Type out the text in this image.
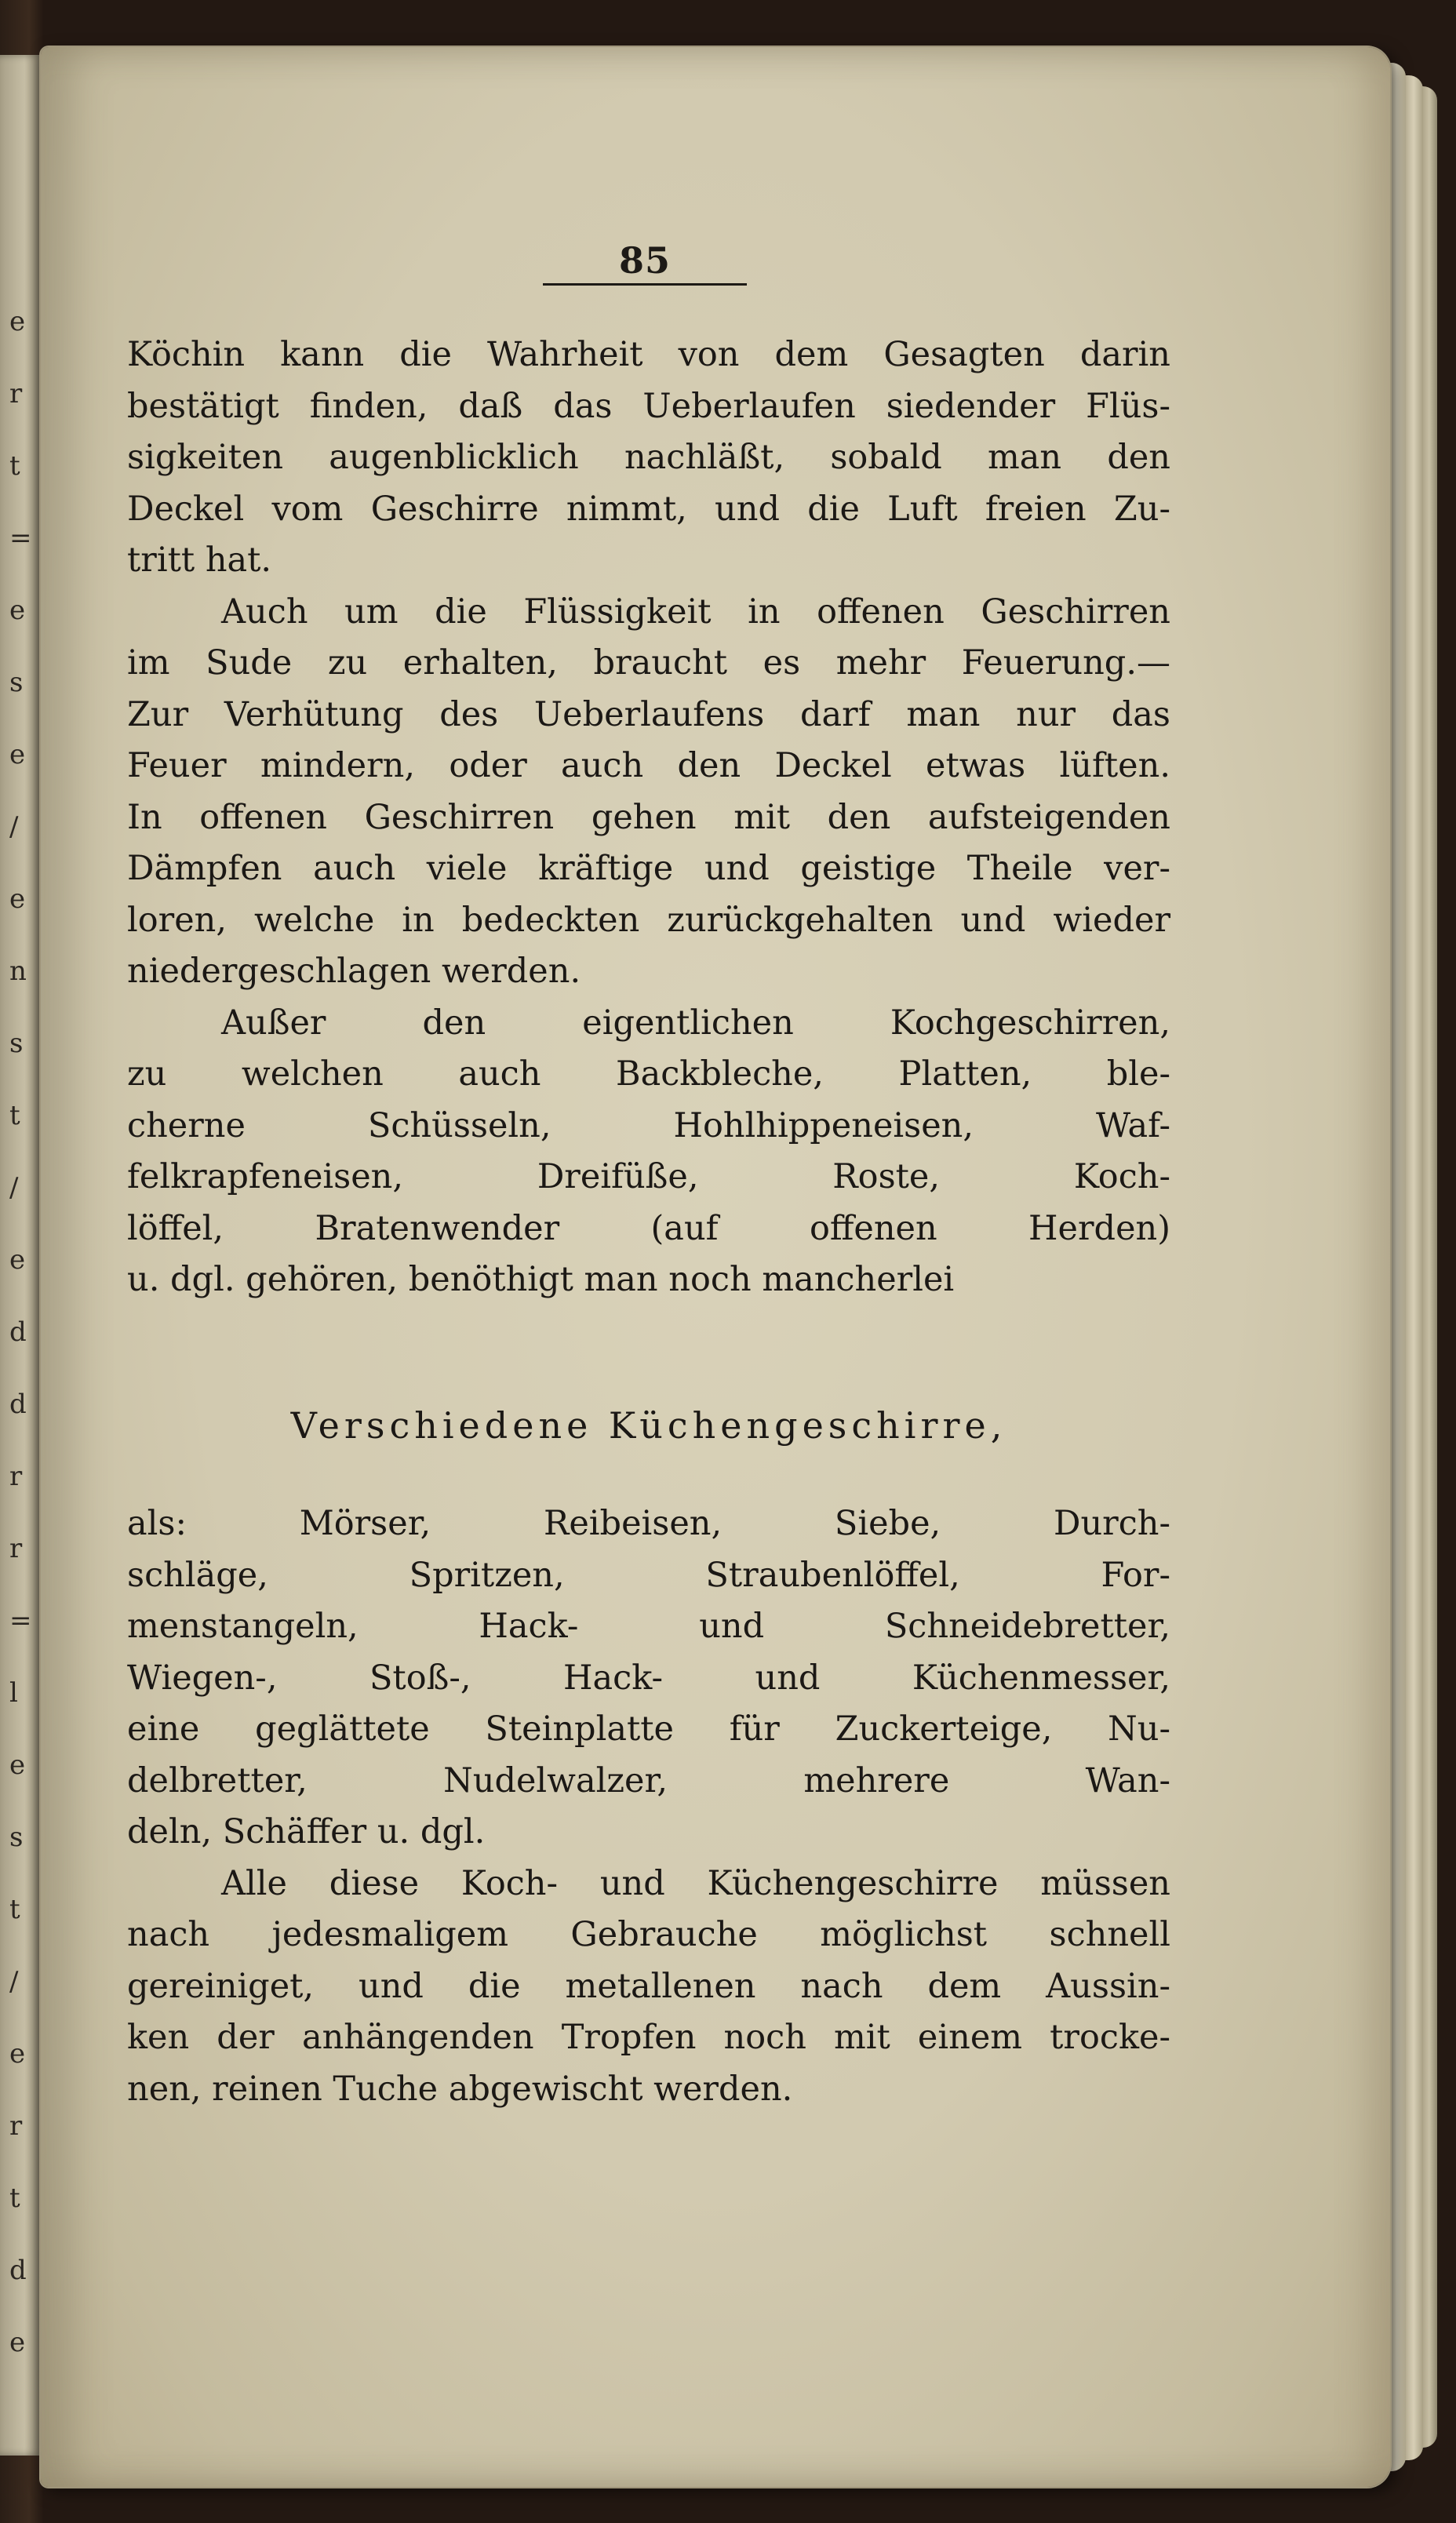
e
r
t
=
e
s
e
/
e
n
s
t
/
e
d
d
r
r
=
l
e
s
t
/
e
r
t
d
e
85
Köchin kann die Wahrheit von dem Gesagten darin
bestätigt finden, daß das Ueberlaufen siedender Flüs-
sigkeiten augenblicklich nachläßt, sobald man den
Deckel vom Geschirre nimmt, und die Luft freien Zu-
tritt hat.
Auch um die Flüssigkeit in offenen Geschirren
im Sude zu erhalten, braucht es mehr Feuerung.—
Zur Verhütung des Ueberlaufens darf man nur das
Feuer mindern, oder auch den Deckel etwas lüften.
In offenen Geschirren gehen mit den aufsteigenden
Dämpfen auch viele kräftige und geistige Theile ver-
loren, welche in bedeckten zurückgehalten und wieder
niedergeschlagen werden.
Außer den eigentlichen Kochgeschirren,
zu welchen auch Backbleche, Platten, ble-
cherne Schüsseln, Hohlhippeneisen, Waf-
felkrapfeneisen, Dreifüße, Roste, Koch-
löffel, Bratenwender (auf offenen Herden)
u. dgl. gehören, benöthigt man noch mancherlei
Verschiedene Küchengeschirre,
als: Mörser, Reibeisen, Siebe, Durch-
schläge, Spritzen, Straubenlöffel, For-
menstangeln, Hack- und Schneidebretter,
Wiegen-, Stoß-, Hack- und Küchenmesser,
eine geglättete Steinplatte für Zuckerteige, Nu-
delbretter, Nudelwalzer, mehrere Wan-
deln, Schäffer u. dgl.
Alle diese Koch- und Küchengeschirre müssen
nach jedesmaligem Gebrauche möglichst schnell
gereiniget, und die metallenen nach dem Aussin-
ken der anhängenden Tropfen noch mit einem trocke-
nen, reinen Tuche abgewischt werden.
